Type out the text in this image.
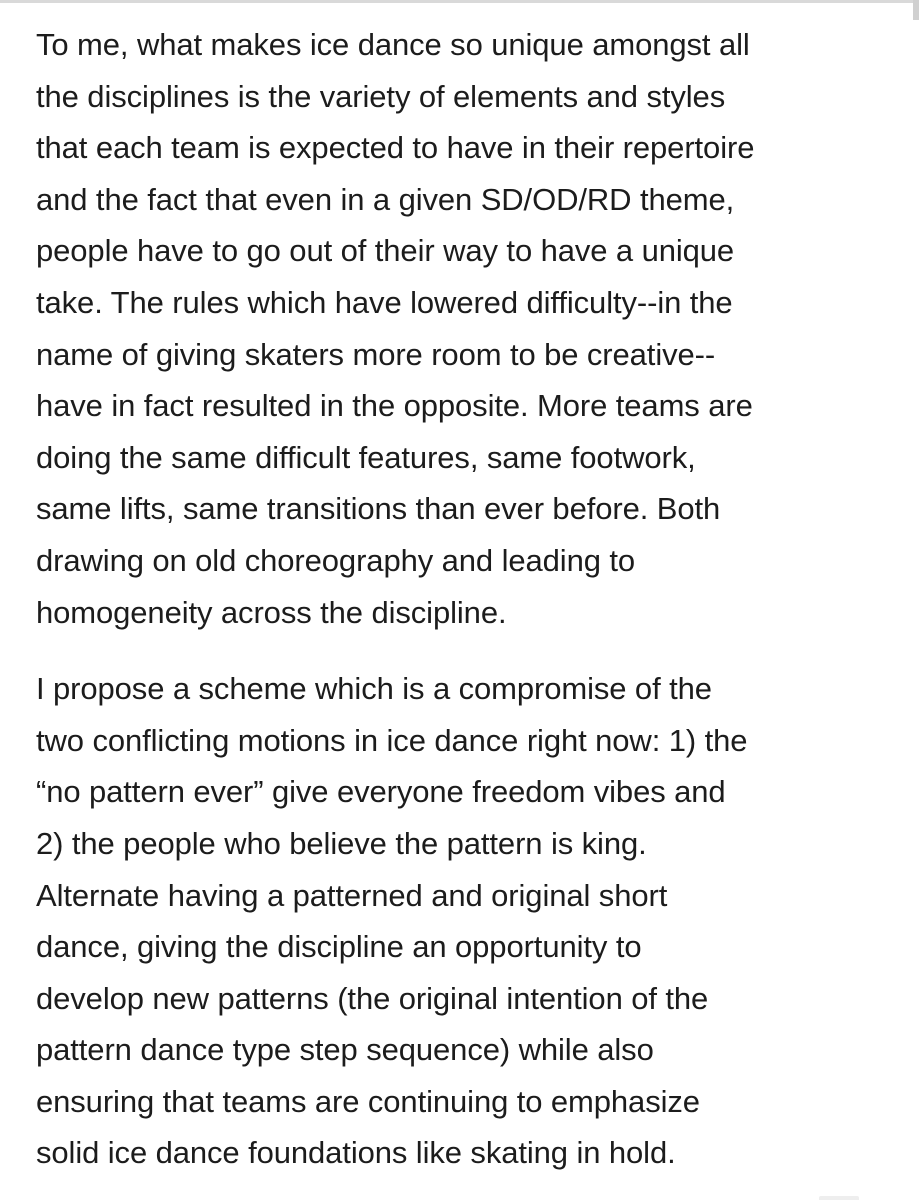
To me, what makes ice dance so unique amongst all
the disciplines is the variety of elements and styles
that each team is expected to have in their repertoire
and the fact that even in a given SD/OD/RD theme,
people have to go out of their way to have a unique
take. The rules which have lowered difficulty--in the
name of giving skaters more room to be creative--
have in fact resulted in the opposite. More teams are
doing the same difficult features, same footwork,
same lifts, same transitions than ever before. Both
drawing on old choreography and leading to
homogeneity across the discipline.

I propose a scheme which is a compromise of the
two conflicting motions in ice dance right now: 1) the
“no pattern ever” give everyone freedom vibes and
2) the people who believe the pattern is king.
Alternate having a patterned and original short
dance, giving the discipline an opportunity to
develop new patterns (the original intention of the
pattern dance type step sequence) while also
ensuring that teams are continuing to emphasize
solid ice dance foundations like skating in hold.
